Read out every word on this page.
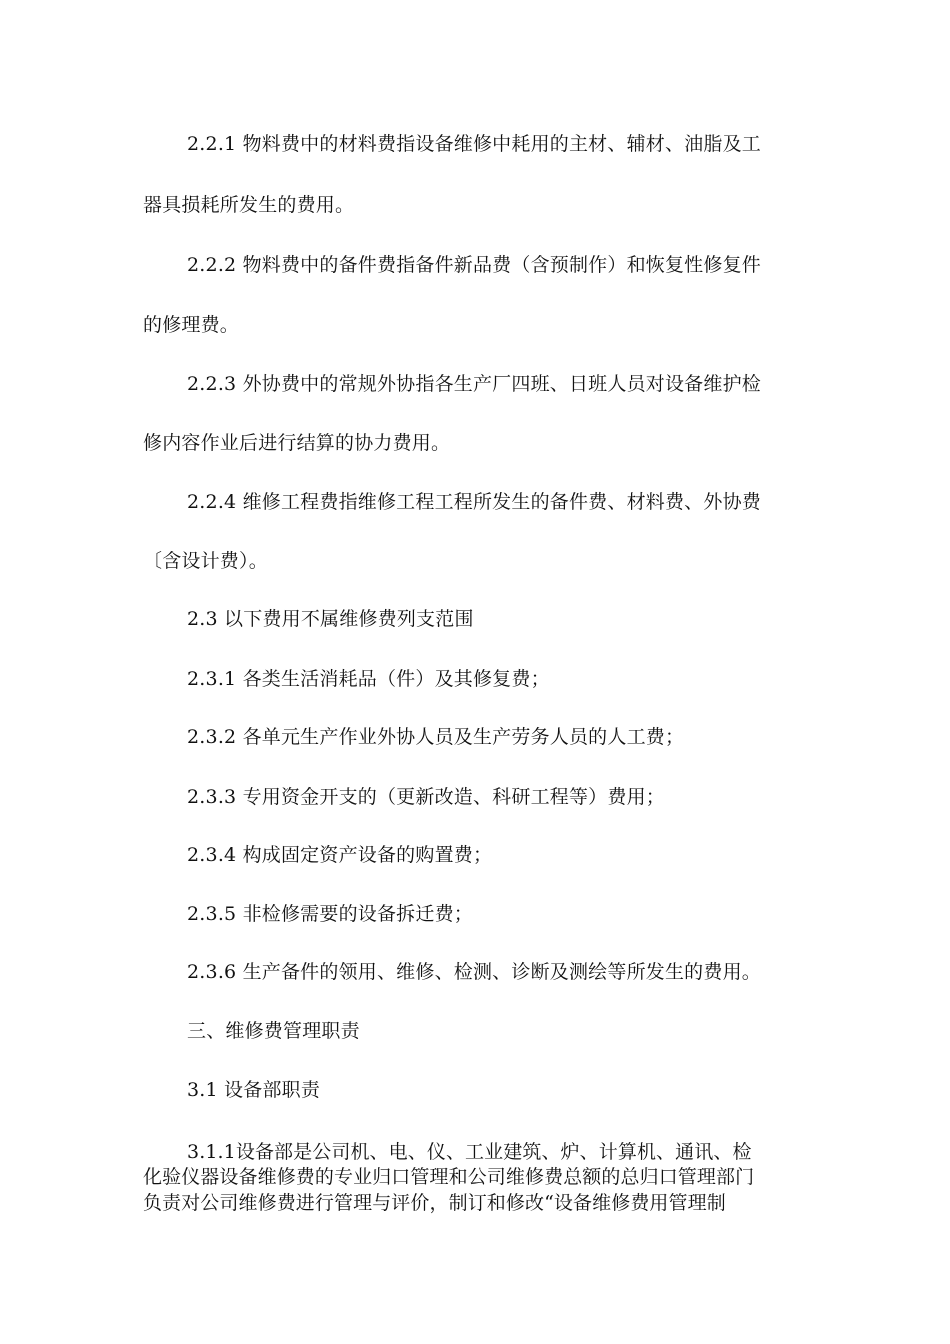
2.2.1 物料费中的材料费指设备维修中耗用的主材、辅材、油脂及工
器具损耗所发生的费用。
2.2.2 物料费中的备件费指备件新品费（含预制作）和恢复性修复件
的修理费。
2.2.3 外协费中的常规外协指各生产厂四班、日班人员对设备维护检
修内容作业后进行结算的协力费用。
2.2.4 维修工程费指维修工程工程所发生的备件费、材料费、外协费
〔含设计费）。
2.3 以下费用不属维修费列支范围
2.3.1 各类生活消耗品（件）及其修复费；
2.3.2 各单元生产作业外协人员及生产劳务人员的人工费；
2.3.3 专用资金开支的（更新改造、科研工程等）费用；
2.3.4 构成固定资产设备的购置费；
2.3.5 非检修需要的设备拆迁费；
2.3.6 生产备件的领用、维修、检测、诊断及测绘等所发生的费用。
三、维修费管理职责
3.1 设备部职责
3.1.1设备部是公司机、电、仪、工业建筑、炉、计算机、通讯、检
化验仪器设备维修费的专业归口管理和公司维修费总额的总归口管理部门
负责对公司维修费进行管理与评价，制订和修改“设备维修费用管理制
